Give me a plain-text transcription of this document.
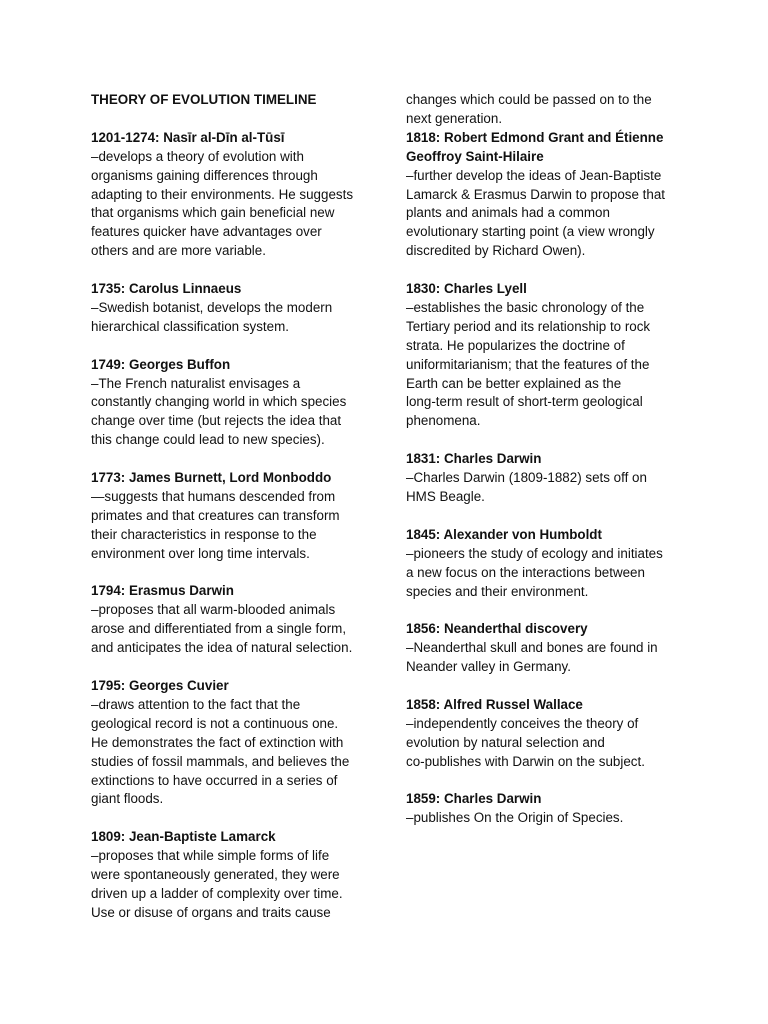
THEORY OF EVOLUTION TIMELINE
1201-1274: Nasīr al-Dīn al-Tūsī
–develops a theory of evolution with
organisms gaining differences through
adapting to their environments. He suggests
that organisms which gain beneficial new
features quicker have advantages over
others and are more variable.
1735: Carolus Linnaeus
–Swedish botanist, develops the modern
hierarchical classification system.
1749: Georges Buffon
–The French naturalist envisages a
constantly changing world in which species
change over time (but rejects the idea that
this change could lead to new species).
1773: James Burnett, Lord Monboddo
—suggests that humans descended from
primates and that creatures can transform
their characteristics in response to the
environment over long time intervals.
1794: Erasmus Darwin
–proposes that all warm-blooded animals
arose and differentiated from a single form,
and anticipates the idea of natural selection.
1795: Georges Cuvier
–draws attention to the fact that the
geological record is not a continuous one.
He demonstrates the fact of extinction with
studies of fossil mammals, and believes the
extinctions to have occurred in a series of
giant floods.
1809: Jean-Baptiste Lamarck
–proposes that while simple forms of life
were spontaneously generated, they were
driven up a ladder of complexity over time.
Use or disuse of organs and traits cause
changes which could be passed on to the
next generation.
1818: Robert Edmond Grant and Étienne
Geoffroy Saint-Hilaire
–further develop the ideas of Jean-Baptiste
Lamarck & Erasmus Darwin to propose that
plants and animals had a common
evolutionary starting point (a view wrongly
discredited by Richard Owen).
1830: Charles Lyell
–establishes the basic chronology of the
Tertiary period and its relationship to rock
strata. He popularizes the doctrine of
uniformitarianism; that the features of the
Earth can be better explained as the
long-term result of short-term geological
phenomena.
1831: Charles Darwin
–Charles Darwin (1809-1882) sets off on
HMS Beagle.
1845: Alexander von Humboldt
–pioneers the study of ecology and initiates
a new focus on the interactions between
species and their environment.
1856: Neanderthal discovery
–Neanderthal skull and bones are found in
Neander valley in Germany.
1858: Alfred Russel Wallace
–independently conceives the theory of
evolution by natural selection and
co-publishes with Darwin on the subject.
1859: Charles Darwin
–publishes On the Origin of Species.
